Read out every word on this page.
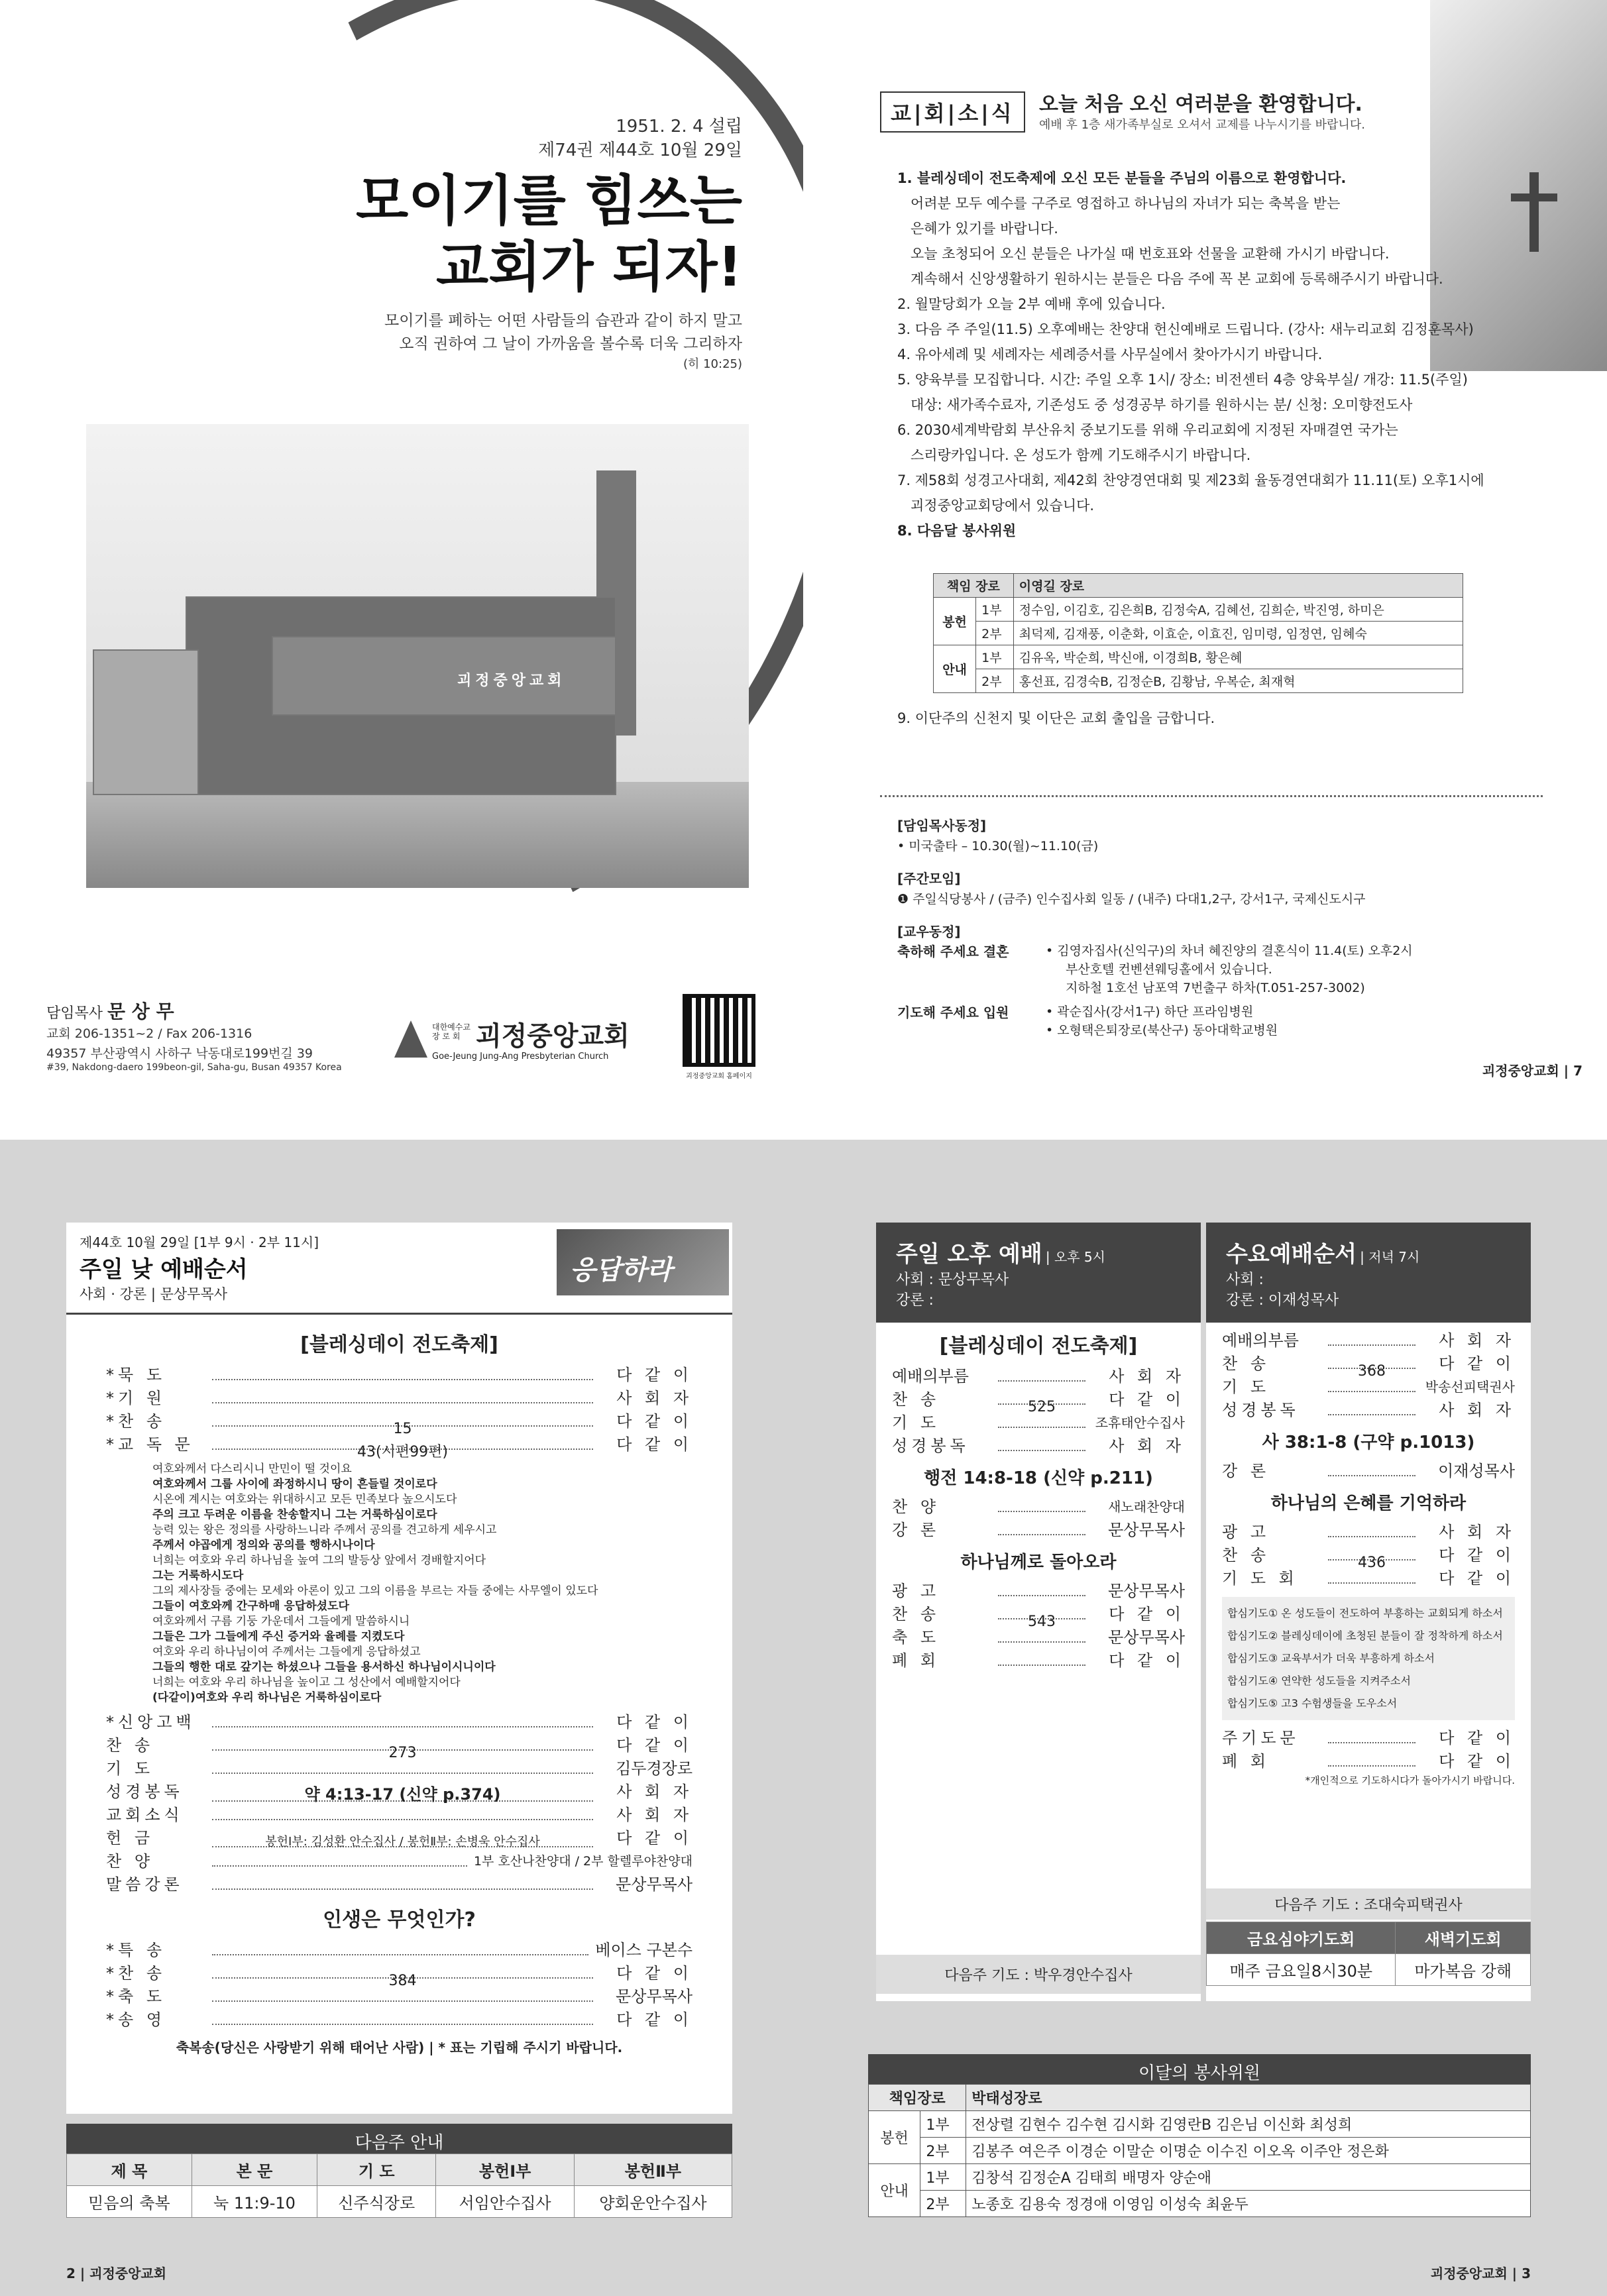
1951. 2. 4 설립
제74권 제44호 10월 29일
모이기를 힘쓰는
교회가 되자!
모이기를 폐하는 어떤 사람들의 습관과 같이 하지 말고
오직 권하여 그 날이 가까움을 볼수록 더욱 그리하자
(히 10:25)
괴정중앙교회
담임목사 문 상 무
교회 206-1351~2 / Fax 206-1316
49357 부산광역시 사하구 낙동대로199번길 39
#39, Nakdong-daero 199beon-gil, Saha-gu, Busan 49357 Korea
대한예수교 장 로 회 괴정중앙교회
Goe-Jeung Jung-Ang Presbyterian Church
괴정중앙교회 홈페이지
교|회|소|식	오늘 처음 오신 여러분을 환영합니다.
예배 후 1층 새가족부실로 오셔서 교제를 나누시기를 바랍니다.
1. 블레싱데이 전도축제에 오신 모든 분들을 주님의 이름으로 환영합니다.
어려분 모두 예수를 구주로 영접하고 하나님의 자녀가 되는 축복을 받는
은혜가 있기를 바랍니다.
오늘 초청되어 오신 분들은 나가실 때 번호표와 선물을 교환해 가시기 바랍니다.
계속해서 신앙생활하기 원하시는 분들은 다음 주에 꼭 본 교회에 등록해주시기 바랍니다.
2. 월말당회가 오늘 2부 예배 후에 있습니다.
3. 다음 주 주일(11.5) 오후예배는 찬양대 헌신예배로 드립니다. (강사: 새누리교회 김정훈목사)
4. 유아세례 및 세례자는 세례증서를 사무실에서 찾아가시기 바랍니다.
5. 양육부를 모집합니다. 시간: 주일 오후 1시/ 장소: 비전센터 4층 양육부실/ 개강: 11.5(주일)
대상: 새가족수료자, 기존성도 중 성경공부 하기를 원하시는 분/ 신청: 오미향전도사
6. 2030세계박람회 부산유치 중보기도를 위해 우리교회에 지정된 자매결연 국가는
스리랑카입니다. 온 성도가 함께 기도해주시기 바랍니다.
7. 제58회 성경고사대회, 제42회 찬양경연대회 및 제23회 율동경연대회가 11.11(토) 오후1시에
괴정중앙교회당에서 있습니다.
8. 다음달 봉사위원
책임 장로		이영길 장로
봉헌	1부	정수임, 이김호, 김은희B, 김정숙A, 김혜선, 김희순, 박진영, 하미은
	2부	최덕제, 김재풍, 이춘화, 이효순, 이효진, 임미령, 임정연, 임혜숙
안내	1부	김유옥, 박순희, 박신애, 이경희B, 황은혜
	2부	홍선표, 김경숙B, 김정순B, 김황남, 우복순, 최재혁
9. 이단주의 신천지 및 이단은 교회 출입을 금합니다.
[담임목사동정]
• 미국출타 – 10.30(월)~11.10(금)
[주간모임]
❶ 주일식당봉사 / (금주) 인수집사회 일동 / (내주) 다대1,2구, 강서1구, 국제신도시구
[교우동정]
축하해 주세요 결혼	• 김영자집사(신익구)의 차녀 혜진양의 결혼식이 11.4(토) 오후2시
부산호텔 컨벤션웨딩홀에서 있습니다.
지하철 1호선 남포역 7번출구 하차(T.051-257-3002)
기도해 주세요 입원	• 곽순집사(강서1구) 하단 프라임병원
• 오형택은퇴장로(북산구) 동아대학교병원
괴정중앙교회 | 7
제44호 10월 29일 [1부 9시 · 2부 11시]
주일 낮 예배순서
사회 · 강론 | 문상무목사
응답하라
[블레싱데이 전도축제]
*묵 도	다 같 이
*기 원	사 회 자
*찬 송	15	다 같 이
*교 독 문	43(시편99편)	다 같 이
여호와께서 다스리시니 만민이 떨 것이요
여호와께서 그룹 사이에 좌정하시니 땅이 흔들릴 것이로다
시온에 계시는 여호와는 위대하시고 모든 민족보다 높으시도다
주의 크고 두려운 이름을 찬송할지니 그는 거룩하심이로다
능력 있는 왕은 정의를 사랑하느니라 주께서 공의를 견고하게 세우시고
주께서 야곱에게 정의와 공의를 행하시나이다
너희는 여호와 우리 하나님을 높여 그의 발등상 앞에서 경배할지어다
그는 거룩하시도다
그의 제사장들 중에는 모세와 아론이 있고 그의 이름을 부르는 자들 중에는 사무엘이 있도다
그들이 여호와께 간구하매 응답하셨도다
여호와께서 구름 기둥 가운데서 그들에게 말씀하시니
그들은 그가 그들에게 주신 증거와 율례를 지켰도다
여호와 우리 하나님이여 주께서는 그들에게 응답하셨고
그들의 행한 대로 갚기는 하셨으나 그들을 용서하신 하나님이시니이다
너희는 여호와 우리 하나님을 높이고 그 성산에서 예배할지어다
(다같이)여호와 우리 하나님은 거룩하심이로다
*신앙고백	다 같 이
찬 송	273	다 같 이
기 도	김두경장로
성경봉독	약 4:13-17 (신약 p.374)	사 회 자
교회소식	사 회 자
헌 금	봉헌Ⅰ부: 김성환 안수집사 / 봉헌Ⅱ부: 손병욱 안수집사	다 같 이
찬 양	1부 호산나찬양대 / 2부 할렐루야찬양대
말씀강론	문상무목사
인생은 무엇인가?
*특 송	베이스 구본수
*찬 송	384	다 같 이
*축 도	문상무목사
*송 영	다 같 이
축복송(당신은 사랑받기 위해 태어난 사람) | * 표는 기립해 주시기 바랍니다.
다음주 안내
제 목	본 문	기 도	봉헌Ⅰ부	봉헌Ⅱ부
믿음의 축복	눅 11:9-10	신주식장로	서임안수집사	양회운안수집사
2 | 괴정중앙교회
주일 오후 예배 | 오후 5시
사회 : 문상무목사
강론 :
[블레싱데이 전도축제]
예배의부름	사 회 자
찬 송	525	다 같 이
기 도	조휴태안수집사
성경봉독	사 회 자
행전 14:8-18 (신약 p.211)
찬 양	새노래찬양대
강 론	문상무목사
하나님께로 돌아오라
광 고	문상무목사
찬 송	543	다 같 이
축 도	문상무목사
폐 회	다 같 이
다음주 기도 : 박우경안수집사
수요예배순서 | 저녁 7시
사회 :
강론 : 이재성목사
예배의부름	사 회 자
찬 송	368	다 같 이
기 도	박송선피택권사
성경봉독	사 회 자
사 38:1-8 (구약 p.1013)
강 론	이재성목사
하나님의 은혜를 기억하라
광 고	사 회 자
찬 송	436	다 같 이
기 도 회	다 같 이
합심기도① 온 성도들이 전도하여 부흥하는 교회되게 하소서
합심기도② 블레싱데이에 초청된 분들이 잘 정착하게 하소서
합심기도③ 교육부서가 더욱 부흥하게 하소서
합심기도④ 연약한 성도들을 지켜주소서
합심기도⑤ 고3 수험생들을 도우소서
주기도문	다 같 이
폐 회	다 같 이
*개인적으로 기도하시다가 돌아가시기 바랍니다.
다음주 기도 : 조대숙피택권사
금요심야기도회	새벽기도회
매주 금요일8시30분	마가복음 강해
이달의 봉사위원
책임장로		박태성장로
봉헌	1부	전상렬 김현수 김수현 김시화 김영란B 김은님 이신화 최성희
	2부	김봉주 여은주 이경순 이말순 이명순 이수진 이오옥 이주안 정은화
안내	1부	김창석 김정순A 김태희 배명자 양순애
	2부	노종호 김용숙 정경애 이영임 이성숙 최윤두
괴정중앙교회 | 3
